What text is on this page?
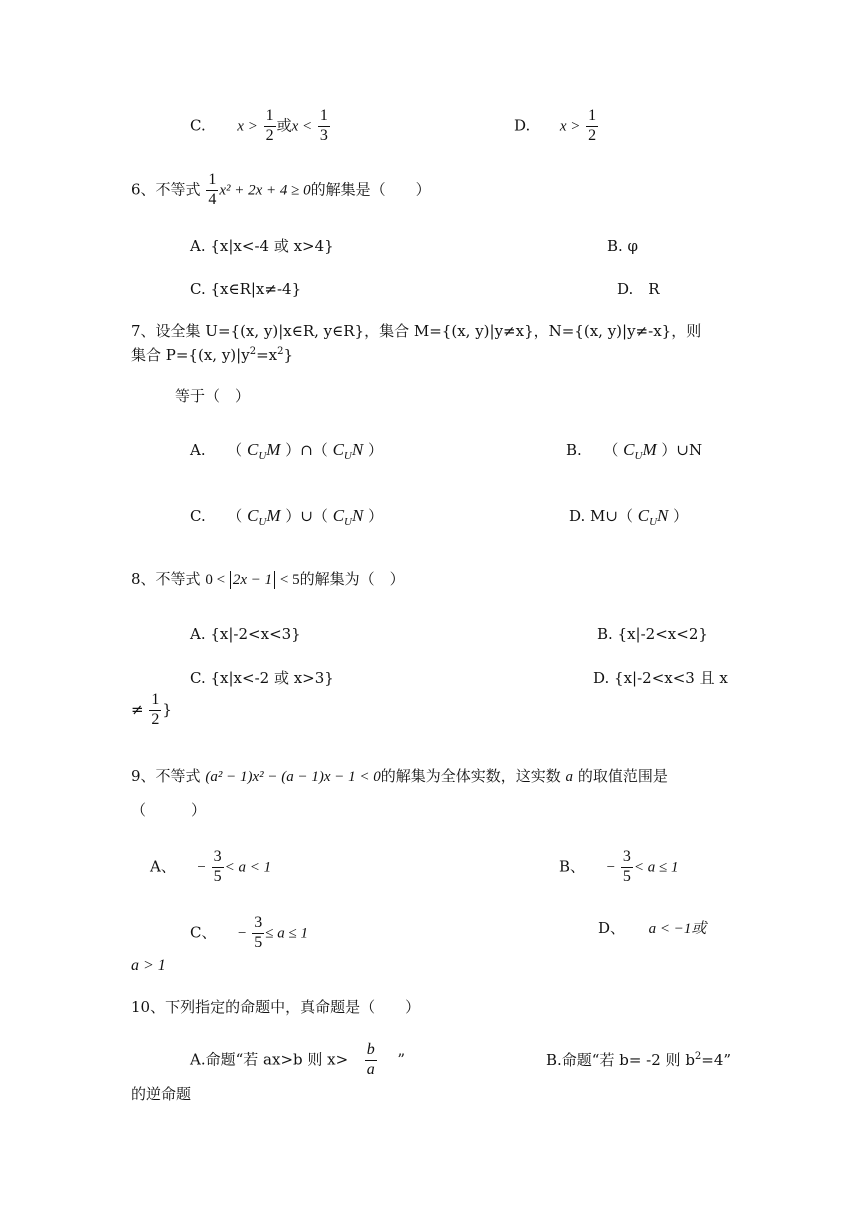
C. $x > \frac{1}{2}$ 或$x < \frac{1}{3}$	D. $x > \frac{1}{2}$
6、不等式 $\frac{1}{4} x^2 + 2x + 4 \ge 0$的解集是（　　）
A. {x|x<-4 或 x>4}	B. φ
C. {x∈R|x≠-4}	D.　R
7、设全集 U={(x, y)|x∈R, y∈R}，集合 M={(x, y)|y≠x}，N={(x, y)|y≠-x}，则
集合 P={(x, $y)|y^2=x^2$}
等于（　）
A. （ $C_UM$ ）∩（ $C_UN$ ）	B. （ $C_UM$ ）∪N
C. （ $C_UM$ ）∪（ $C_UN$ ）	D. M∪（ $C_UN$ ）
8、不等式 0 < 2x − 1 < 5的解集为（　）
A. {x|-2<x<3}	B. {x|-2<x<2}
C. {x|x<-2 或 x>3}	D. {x|-2<x<3 且 x
≠ $\frac{1}{2}$ }
9、不等式 (a² − 1)x² − (a − 1)x − 1 < 0的解集为全体实数，这实数 a 的取值范围是
（　　　）
A、 − $\frac{3}{5} < a < 1$	B、 − $\frac{3}{5} < a \le 1$
C、 − $\frac{3}{5} \le a \le 1$	D、 a < −1或
a > 1
10、下列指定的命题中，真命题是（　　）
A.命题“若 ax>b 则 $x> \frac{b}{a}$ ”	B.命题“若 b= -2 则 $b^2=4$”
的逆命题
